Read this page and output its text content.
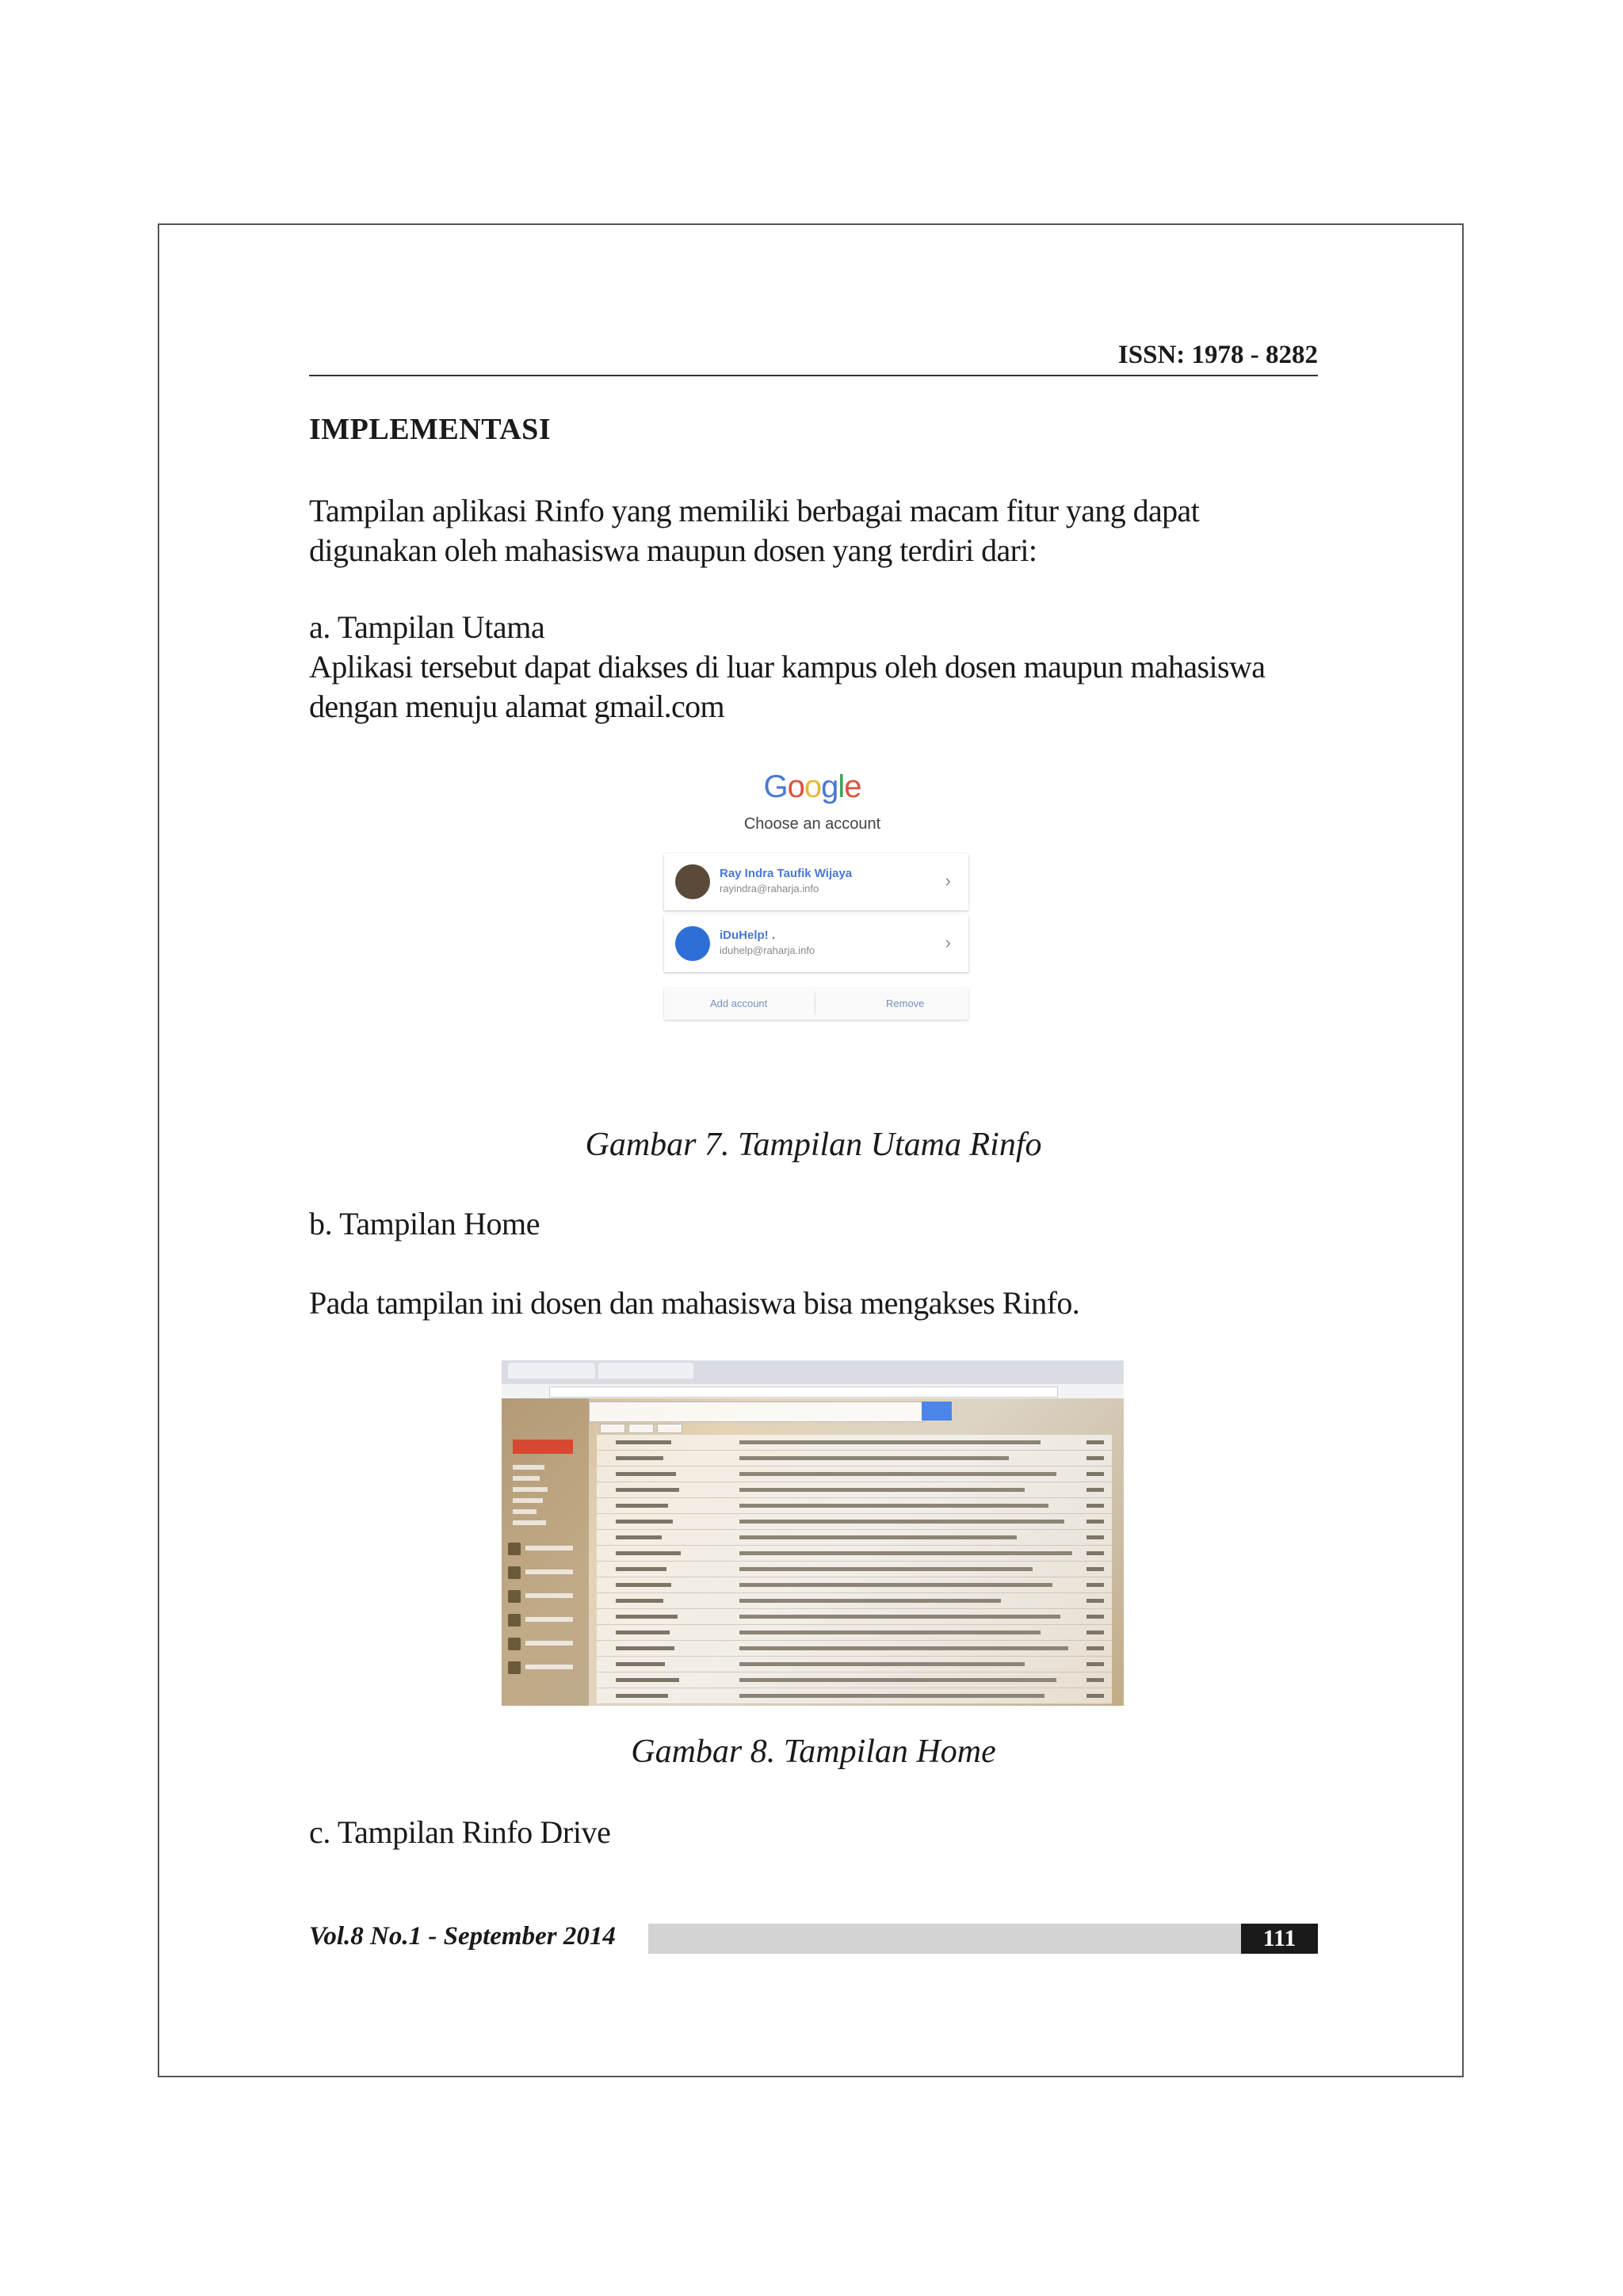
ISSN: 1978 - 8282
IMPLEMENTASI
Tampilan aplikasi Rinfo yang memiliki berbagai macam fitur yang dapat digunakan oleh mahasiswa maupun dosen yang terdiri dari:
a. Tampilan Utama
Aplikasi tersebut dapat diakses di luar kampus oleh dosen maupun mahasiswa dengan menuju alamat gmail.com
Google
Choose an account
Ray Indra Taufik Wijaya
rayindra@raharja.info	›
iDuHelp! .
iduhelp@raharja.info	›
Add account	Remove
Gambar 7. Tampilan Utama Rinfo
b. Tampilan Home
Pada tampilan ini dosen dan mahasiswa bisa mengakses Rinfo.
Gambar 8. Tampilan Home
c. Tampilan Rinfo Drive
Vol.8 No.1 - September 2014	111
